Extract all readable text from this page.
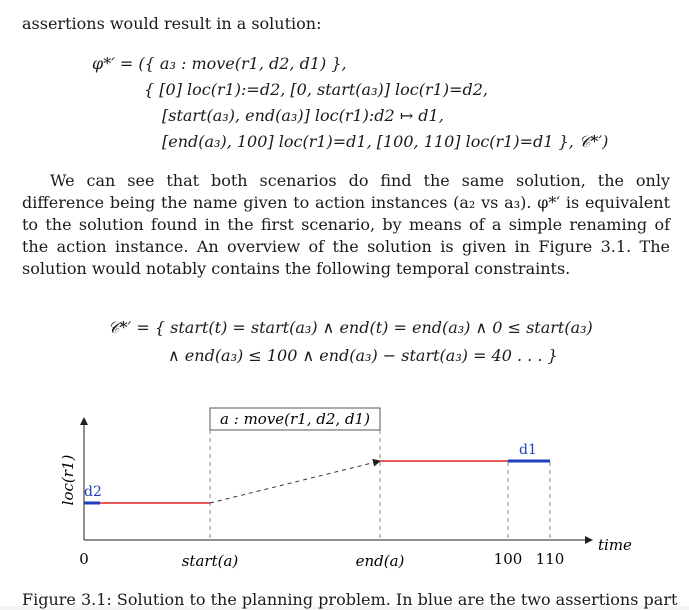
assertions would result in a solution:
φ*′ = ({ a₃ : move(r1, d2, d1) },
{ [0] loc(r1):=d2, [0, start(a₃)] loc(r1)=d2,
[start(a₃), end(a₃)] loc(r1):d2 ↦ d1,
[end(a₃), 100] loc(r1)=d1, [100, 110] loc(r1)=d1 }, 𝒞*′)
We can see that both scenarios do find the same solution, the only difference being the name given to action instances (a₂ vs a₃). φ*′ is equivalent to the solution found in the first scenario, by means of a simple renaming of the action instance. An overview of the solution is given in Figure 3.1. The solution would notably contains the following temporal constraints.
𝒞*′ = { start(t) = start(a₃) ∧ end(t) = end(a₃) ∧ 0 ≤ start(a₃)
∧ end(a₃) ≤ 100 ∧ end(a₃) − start(a₃) = 40 . . . }
a : move(r1, d2, d1)
d2
d1
loc(r1)
time
0	start(a)	end(a)	100 110
Figure 3.1: Solution to the planning problem. In blue are the two assertions part
